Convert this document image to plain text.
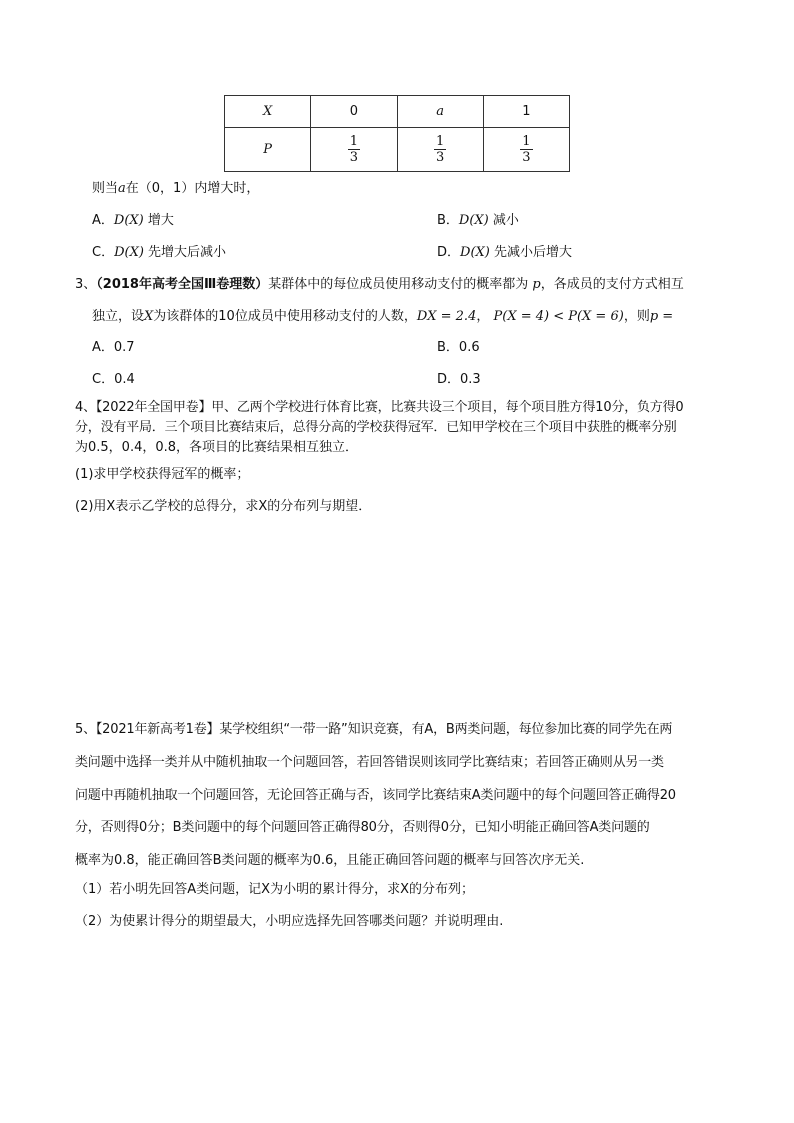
X	0	a	1
P	$\frac{1}{3}$	$\frac{1}{3}$	$\frac{1}{3}$
则当a在（0，1）内增大时，
A．D(X) 增大	B．D(X) 减小
C．D(X) 先增大后减小	D．D(X) 先减小后增大
3、（2018年高考全国Ⅲ卷理数）某群体中的每位成员使用移动支付的概率都为 p，各成员的支付方式相互
独立，设X为该群体的10位成员中使用移动支付的人数，DX = 2.4， P(X = 4) < P(X = 6)，则p =
A．0.7	B．0.6
C．0.4	D．0.3
4、【2022年全国甲卷】甲、乙两个学校进行体育比赛，比赛共设三个项目，每个项目胜方得10分，负方得0
分，没有平局．三个项目比赛结束后，总得分高的学校获得冠军．已知甲学校在三个项目中获胜的概率分别
为0.5，0.4，0.8，各项目的比赛结果相互独立．
(1)求甲学校获得冠军的概率；
(2)用X表示乙学校的总得分，求X的分布列与期望．
5、【2021年新高考1卷】某学校组织“一带一路”知识竞赛，有A，B两类问题，每位参加比赛的同学先在两
类问题中选择一类并从中随机抽取一个问题回答，若回答错误则该同学比赛结束；若回答正确则从另一类
问题中再随机抽取一个问题回答，无论回答正确与否，该同学比赛结束A类问题中的每个问题回答正确得20
分，否则得0分；B类问题中的每个问题回答正确得80分，否则得0分，已知小明能正确回答A类问题的
概率为0.8，能正确回答B类问题的概率为0.6，且能正确回答问题的概率与回答次序无关.
（1）若小明先回答A类问题，记X为小明的累计得分，求X的分布列；
（2）为使累计得分的期望最大，小明应选择先回答哪类问题？并说明理由.
